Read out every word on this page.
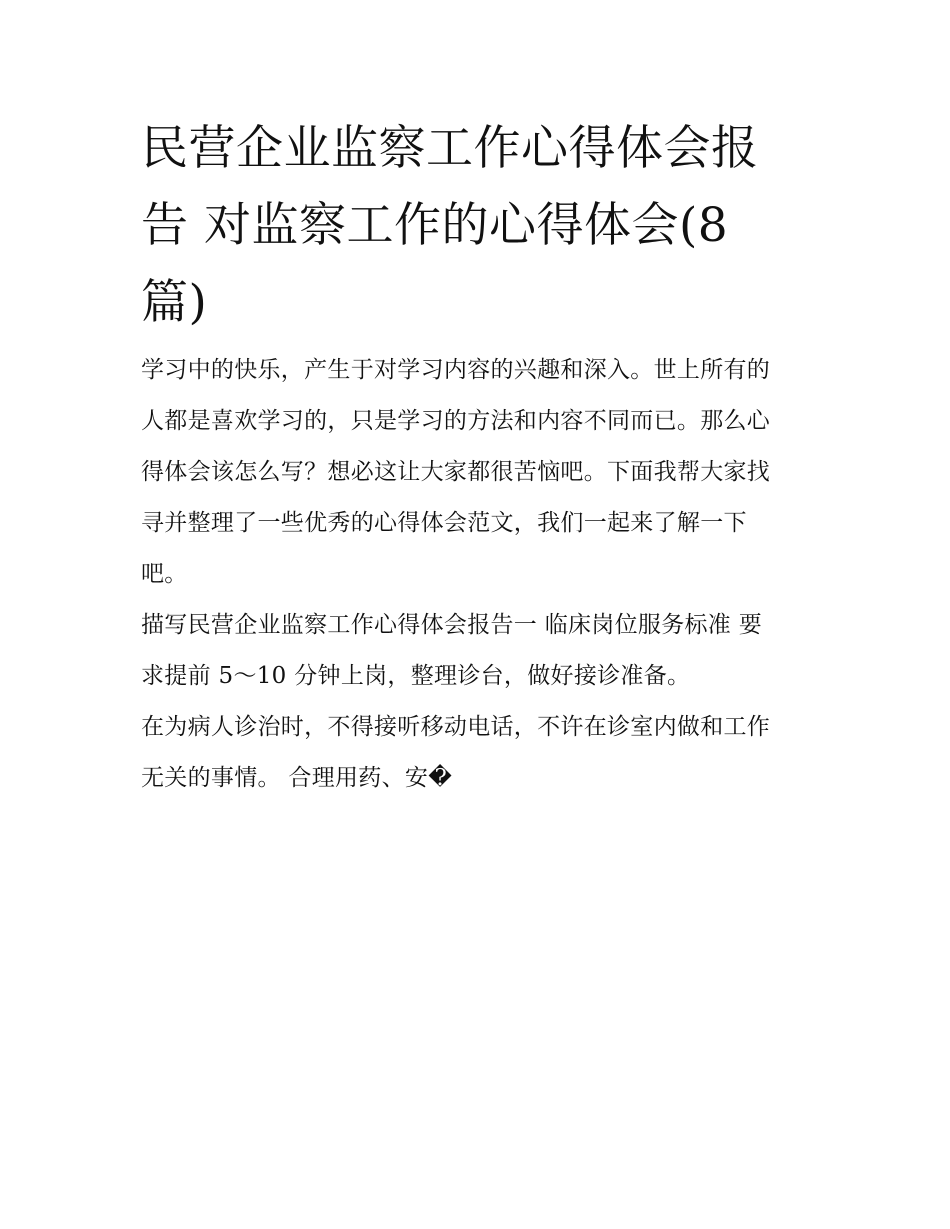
民营企业监察工作心得体会报
告 对监察工作的心得体会(8
篇)

学习中的快乐，产生于对学习内容的兴趣和深入。世上所有的
人都是喜欢学习的，只是学习的方法和内容不同而已。那么心
得体会该怎么写？想必这让大家都很苦恼吧。下面我帮大家找
寻并整理了一些优秀的心得体会范文，我们一起来了解一下
吧。

描写民营企业监察工作心得体会报告一 临床岗位服务标准 要
求提前 5～10 分钟上岗，整理诊台，做好接诊准备。

在为病人诊治时，不得接听移动电话，不许在诊室内做和工作
无关的事情。 合理用药、安�
